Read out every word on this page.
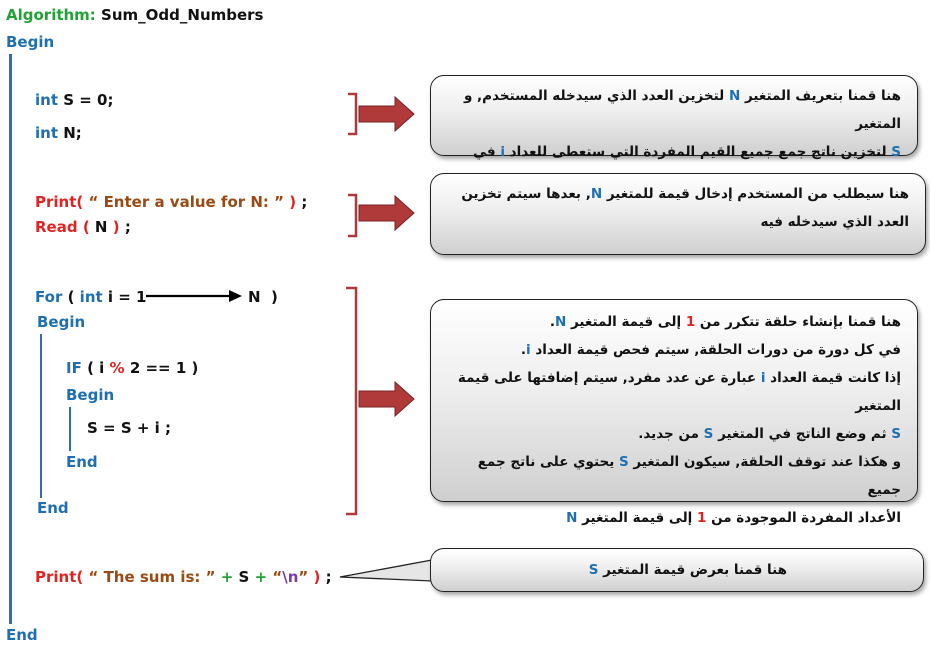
Algorithm: Sum_Odd_Numbers
Begin
End
int S = 0;
int N;
Print( “ Enter a value for N: ” ) ;
Read ( N ) ;
For ( int i = 1	N )
Begin
IF ( i % 2 == 1 )
Begin
S = S + i ;
End
End
Print( “ The sum is: ” + S + “\n” ) ;
هنا قمنا بتعريف المتغير N لتخزين العدد الذي سيدخله المستخدم, و المتغير
S لتخزين ناتج جمع جميع القيم المفردة التي ستعطى للعداد i في
هنا سيطلب من المستخدم إدخال قيمة للمتغير N, بعدها سيتم تخزين
العدد الذي سيدخله فيه
هنا قمنا بإنشاء حلقة تتكرر من 1 إلى قيمة المتغير N.
في كل دورة من دورات الحلقة, سيتم فحص قيمة العداد i.
إذا كانت قيمة العداد i عبارة عن عدد مفرد, سيتم إضافتها على قيمة المتغير
S ثم وضع الناتج في المتغير S من جديد.
و هكذا عند توقف الحلقة, سيكون المتغير S يحتوي على ناتج جمع جميع
الأعداد المفردة الموجودة من 1 إلى قيمة المتغير N
هنا قمنا بعرض قيمة المتغير S
